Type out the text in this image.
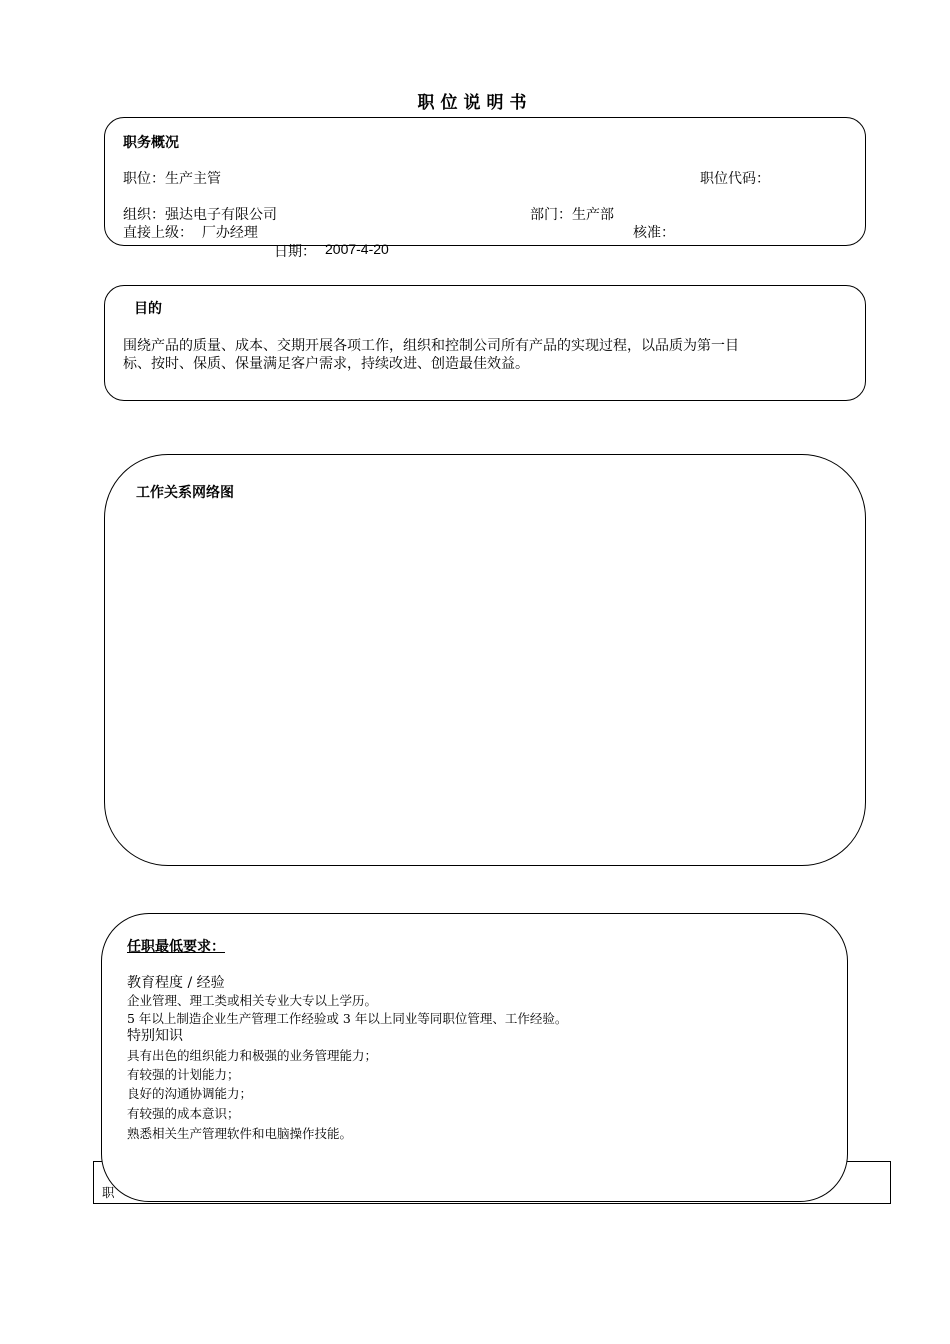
职位说明书
职务概况
职位：生产主管	职位代码：
组织：强达电子有限公司	部门：生产部
直接上级：  厂办经理	核准：
日期： 2007-4-20
目的
围绕产品的质量、成本、交期开展各项工作，组织和控制公司所有产品的实现过程，以品质为第一目
标、按时、保质、保量满足客户需求，持续改进、创造最佳效益。
工作关系网络图
职
任职最低要求：
教育程度 / 经验
企业管理、理工类或相关专业大专以上学历。
5 年以上制造企业生产管理工作经验或 3 年以上同业等同职位管理、工作经验。
特别知识
具有出色的组织能力和极强的业务管理能力；
有较强的计划能力；
良好的沟通协调能力；
有较强的成本意识；
熟悉相关生产管理软件和电脑操作技能。
